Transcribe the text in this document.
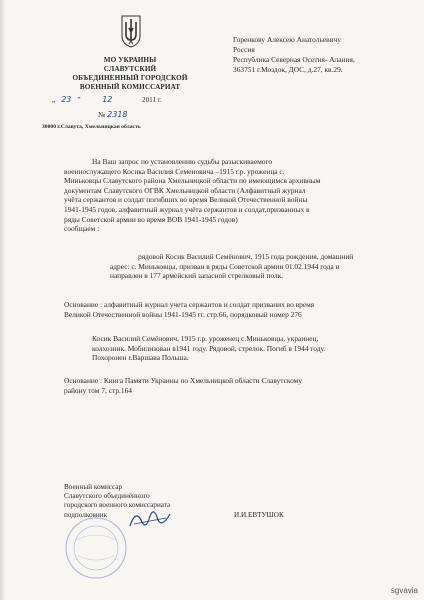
МО УКРАИНЫ
СЛАВУТСКИЙ
ОБЪЕДИНЕННЫЙ ГОРОДСКОЙ
ВОЕННЫЙ КОМИССАРИАТ
„ 23 ”	12	2011 г.
№ 2318
30000 г.Славута, Хмельницкая область
Горенкову Алексею Анатольевичу
Россия
Республика Северная Осетия- Алания,
363751 г.Моздок, ДОС, д.27, кв.29.
На Ваш запрос по установлению судьбы разыскиваемого
военнослужащего Косика Василия Семеновича –1915 г.р. уроженца с.
Миньковцы Славутского района Хмельницкой области по имеющимся архивным
документам Славутского ОГВК Хмельницкой области (Алфавитный журнал
учёта сержантов и солдат погибших во время Великой Отечественной войны
1941-1945 годов, алфавитный журнал учёта сержантов и солдат,призванных в
ряды Советской армии во время ВОВ 1941-1945 годов)
сообщаем :
рядовой Косик Василий Семёнович, 1915 года рождения, домашний
адрес: с. Миньковцы, призван в ряды Советской армии 01.02.1944 года и
направлен в 177 армейский запасной стрелковый полк.
Основание : алфавитный журнал учета сержантов и солдат призваних во время
Великой Отечественной войны 1941-1945 гг. стр.66, порядковый номер 276
Косик Василий Семёнович, 1915 г.р. уроженец с.Миньковцы, украинец,
колхозник. Мобилизован в1941 году. Рядовой, стрелок. Погиб в 1944 году.
Похоронен г.Варшава Польша.
Основание : Книга Памяти Украины по Хмельницкой области Славутскому
району том 7, стр.164
Военный комиссар
Славутского объединённого
городского военного комиссариата
подполковник	И.И.ЕВТУШОК
sgvavia
